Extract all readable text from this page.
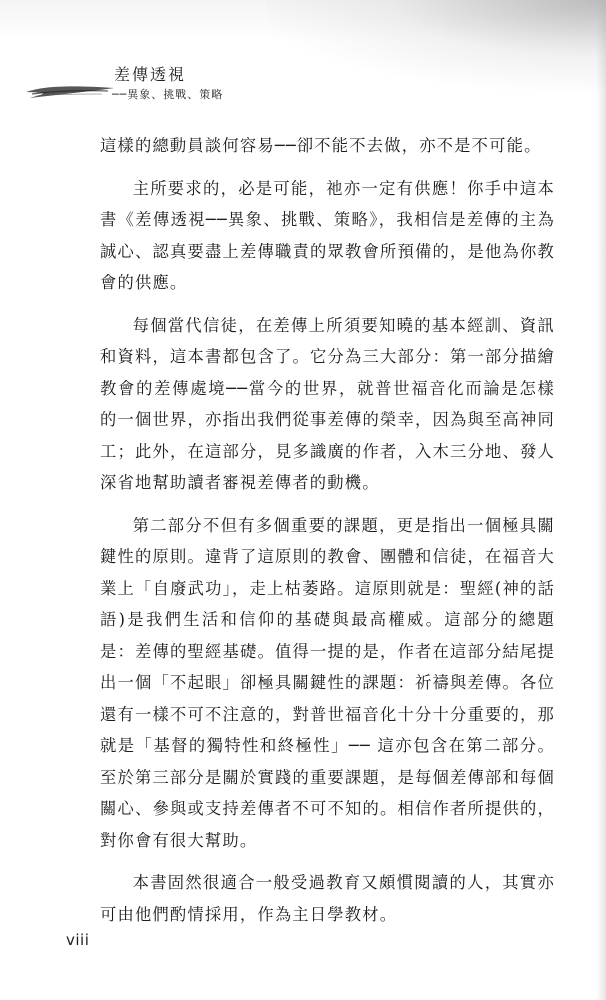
差傳透視
──異象、挑戰、策略

這樣的總動員談何容易──卻不能不去做，亦不是不可能。

主所要求的，必是可能，祂亦一定有供應！你手中這本書《差傳透視──異象、挑戰、策略》，我相信是差傳的主為誠心、認真要盡上差傳職責的眾教會所預備的，是他為你教會的供應。

每個當代信徒，在差傳上所須要知曉的基本經訓、資訊和資料，這本書都包含了。它分為三大部分：第一部分描繪教會的差傳處境──當今的世界，就普世福音化而論是怎樣的一個世界，亦指出我們從事差傳的榮幸，因為與至高神同工；此外，在這部分，見多識廣的作者，入木三分地、發人深省地幫助讀者審視差傳者的動機。

第二部分不但有多個重要的課題，更是指出一個極具關鍵性的原則。違背了這原則的教會、團體和信徒，在福音大業上「自廢武功」，走上枯萎路。這原則就是：聖經(神的話語)是我們生活和信仰的基礎與最高權威。這部分的總題是：差傳的聖經基礎。值得一提的是，作者在這部分結尾提出一個「不起眼」卻極具關鍵性的課題：祈禱與差傳。各位還有一樣不可不注意的，對普世福音化十分十分重要的，那就是「基督的獨特性和終極性」── 這亦包含在第二部分。至於第三部分是關於實踐的重要課題，是每個差傳部和每個關心、參與或支持差傳者不可不知的。相信作者所提供的，對你會有很大幫助。

本書固然很適合一般受過教育又頗慣閱讀的人，其實亦可由他們酌情採用，作為主日學教材。

viii
